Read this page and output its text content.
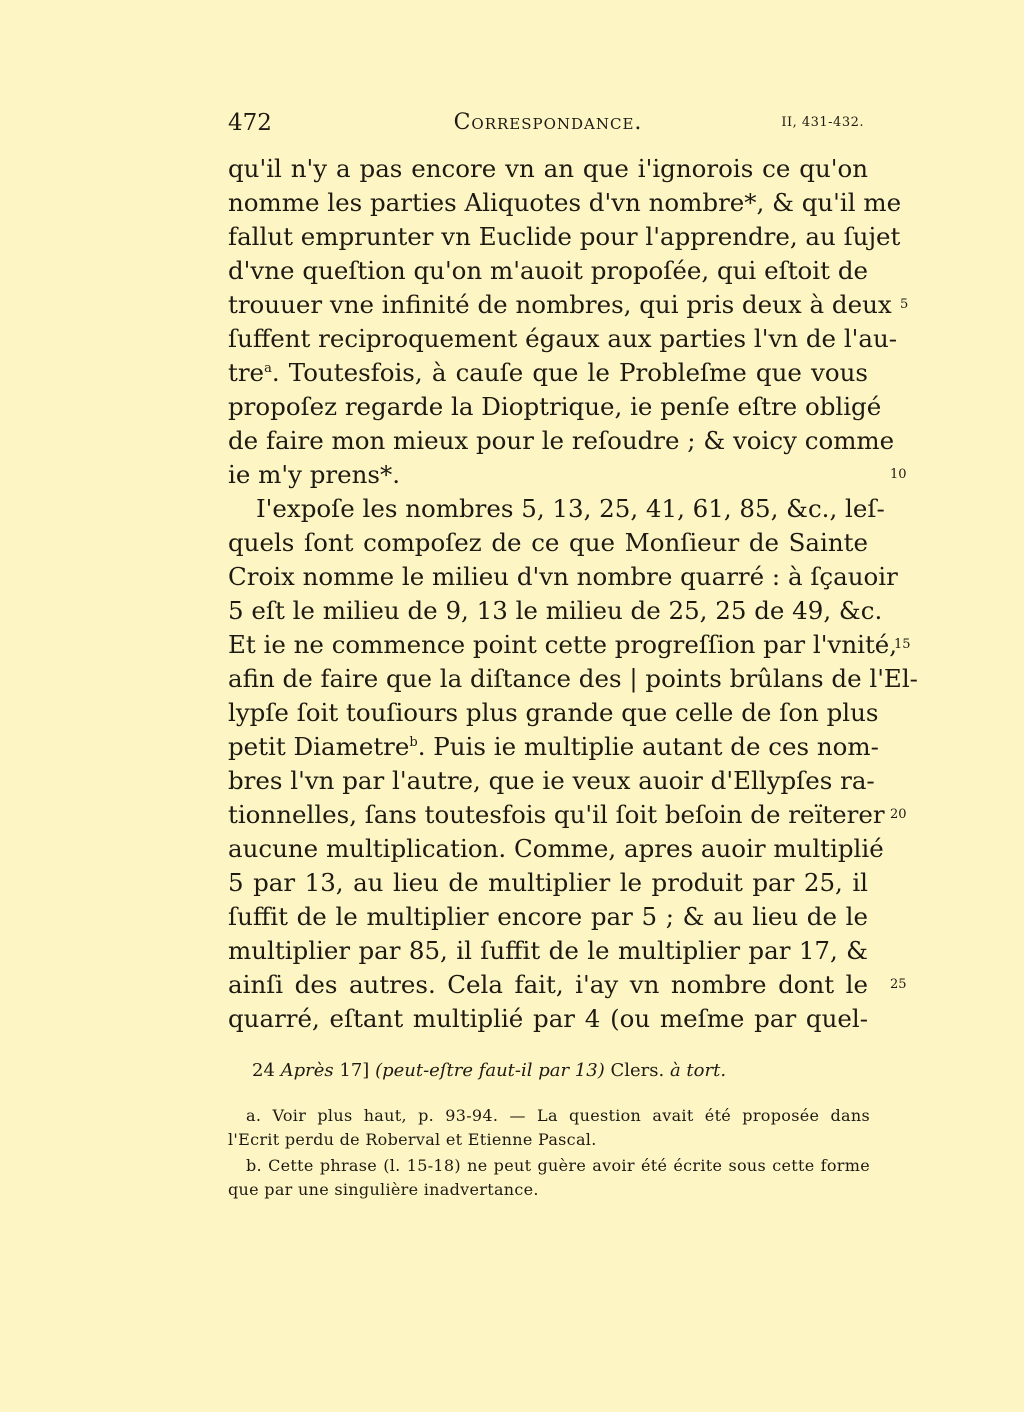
472	Correspondance.	II, 431-432.
qu'il n'y a pas encore vn an que i'ignorois ce qu'on
nomme les parties Aliquotes d'vn nombre*, & qu'il me
fallut emprunter vn Euclide pour l'apprendre, au ſujet
d'vne queſtion qu'on m'auoit propoſée, qui eſtoit de
trouuer vne infinité de nombres, qui pris deux à deux
ſuffent reciproquement égaux aux parties l'vn de l'au-
tre$^a$. Toutesfois, à cauſe que le Probleſme que vous
propoſez regarde la Dioptrique, ie penſe eſtre obligé
de faire mon mieux pour le reſoudre ; & voicy comme
ie m'y prens*.
I'expoſe les nombres 5, 13, 25, 41, 61, 85, &c., leſ-
quels ſont compoſez de ce que Monſieur de Sainte
Croix nomme le milieu d'vn nombre quarré : à ſçauoir
5 eſt le milieu de 9, 13 le milieu de 25, 25 de 49, &c.
Et ie ne commence point cette progreſſion par l'vnité,
afin de faire que la diſtance des | points brûlans de l'El-
lypſe ſoit touſiours plus grande que celle de ſon plus
petit Diametre$^b$. Puis ie multiplie autant de ces nom-
bres l'vn par l'autre, que ie veux auoir d'Ellypſes ra-
tionnelles, ſans toutesfois qu'il ſoit beſoin de reïterer
aucune multiplication. Comme, apres auoir multiplié
5 par 13, au lieu de multiplier le produit par 25, il
ſuffit de le multiplier encore par 5 ; & au lieu de le
multiplier par 85, il ſuffit de le multiplier par 17, &
ainſi des autres. Cela fait, i'ay vn nombre dont le
quarré, eſtant multiplié par 4 (ou meſme par quel-
5
10
15
20
25
24 Après 17] (peut-eſtre faut-il par 13) Clers. à tort.
a. Voir plus haut, p. 93-94. — La question avait été proposée dans
l'Ecrit perdu de Roberval et Etienne Pascal.
b. Cette phrase (l. 15-18) ne peut guère avoir été écrite sous cette forme
que par une singulière inadvertance.
